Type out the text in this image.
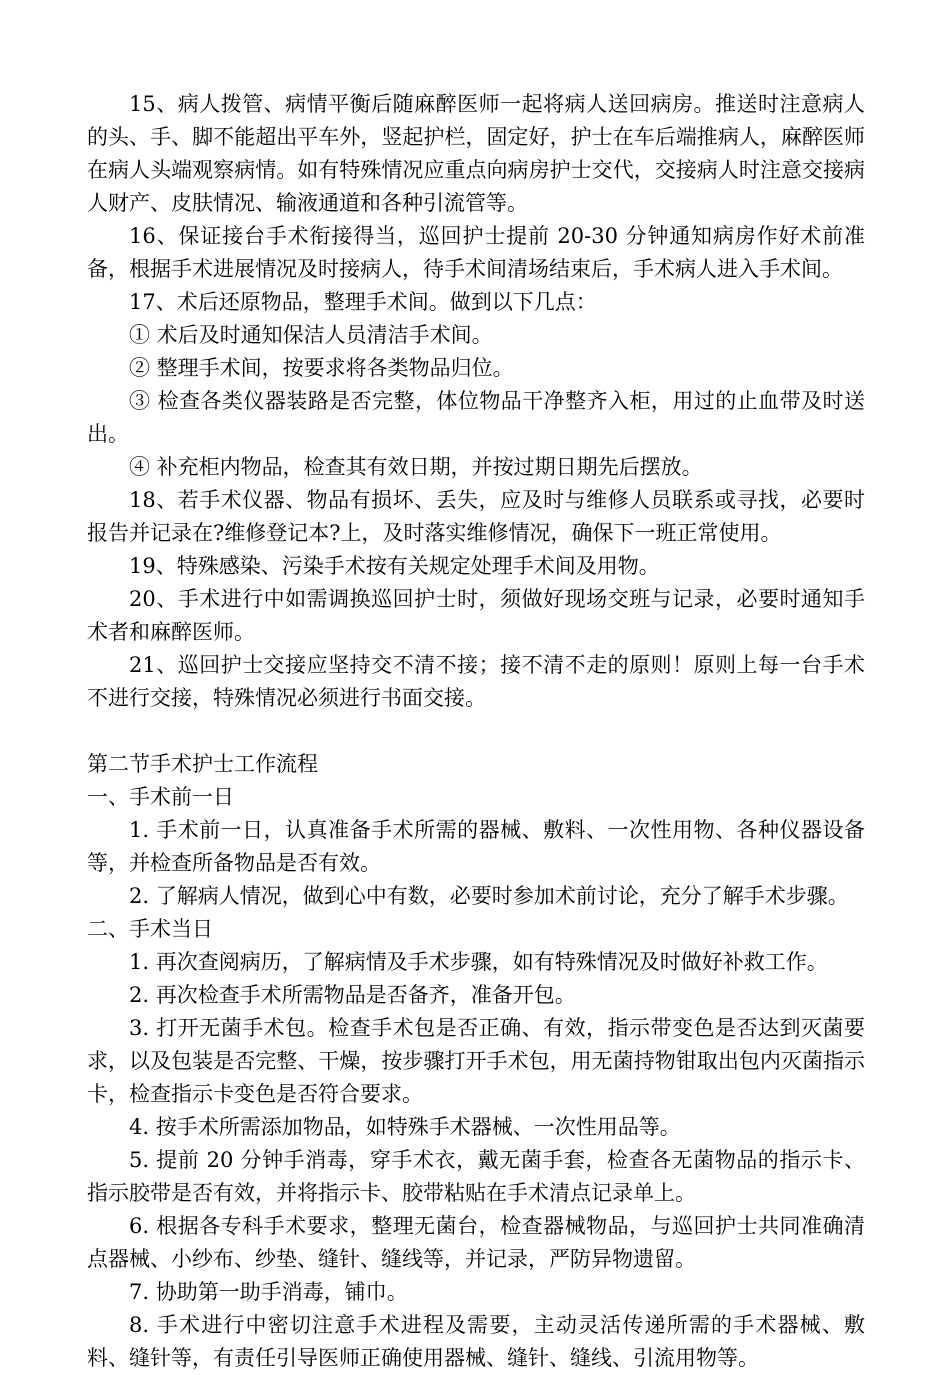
15、病人拨管、病情平衡后随麻醉医师一起将病人送回病房。推送时注意病人的头、手、脚不能超出平车外，竖起护栏，固定好，护士在车后端推病人，麻醉医师在病人头端观察病情。如有特殊情况应重点向病房护士交代，交接病人时注意交接病人财产、皮肤情况、输液通道和各种引流管等。

16、保证接台手术衔接得当，巡回护士提前 20-30 分钟通知病房作好术前准备，根据手术进展情况及时接病人，待手术间清场结束后，手术病人进入手术间。

17、术后还原物品，整理手术间。做到以下几点：

① 术后及时通知保洁人员清洁手术间。

② 整理手术间，按要求将各类物品归位。

③ 检查各类仪器装路是否完整，体位物品干净整齐入柜，用过的止血带及时送出。

④ 补充柜内物品，检查其有效日期，并按过期日期先后摆放。

18、若手术仪器、物品有损坏、丢失，应及时与维修人员联系或寻找，必要时报告并记录在?维修登记本?上，及时落实维修情况，确保下一班正常使用。

19、特殊感染、污染手术按有关规定处理手术间及用物。

20、手术进行中如需调换巡回护士时，须做好现场交班与记录，必要时通知手术者和麻醉医师。

21、巡回护士交接应坚持交不清不接；接不清不走的原则！原则上每一台手术不进行交接，特殊情况必须进行书面交接。

第二节手术护士工作流程

一、手术前一日

1. 手术前一日，认真准备手术所需的器械、敷料、一次性用物、各种仪器设备等，并检查所备物品是否有效。

2. 了解病人情况，做到心中有数，必要时参加术前讨论，充分了解手术步骤。

二、手术当日

1. 再次查阅病历，了解病情及手术步骤，如有特殊情况及时做好补救工作。

2. 再次检查手术所需物品是否备齐，准备开包。

3. 打开无菌手术包。检查手术包是否正确、有效，指示带变色是否达到灭菌要求，以及包装是否完整、干燥，按步骤打开手术包，用无菌持物钳取出包内灭菌指示卡，检查指示卡变色是否符合要求。

4. 按手术所需添加物品，如特殊手术器械、一次性用品等。

5. 提前 20 分钟手消毒，穿手术衣，戴无菌手套，检查各无菌物品的指示卡、指示胶带是否有效，并将指示卡、胶带粘贴在手术清点记录单上。

6. 根据各专科手术要求，整理无菌台，检查器械物品，与巡回护士共同准确清点器械、小纱布、纱垫、缝针、缝线等，并记录，严防异物遗留。

7. 协助第一助手消毒，铺巾。

8. 手术进行中密切注意手术进程及需要，主动灵活传递所需的手术器械、敷料、缝针等，有责任引导医师正确使用器械、缝针、缝线、引流用物等。
